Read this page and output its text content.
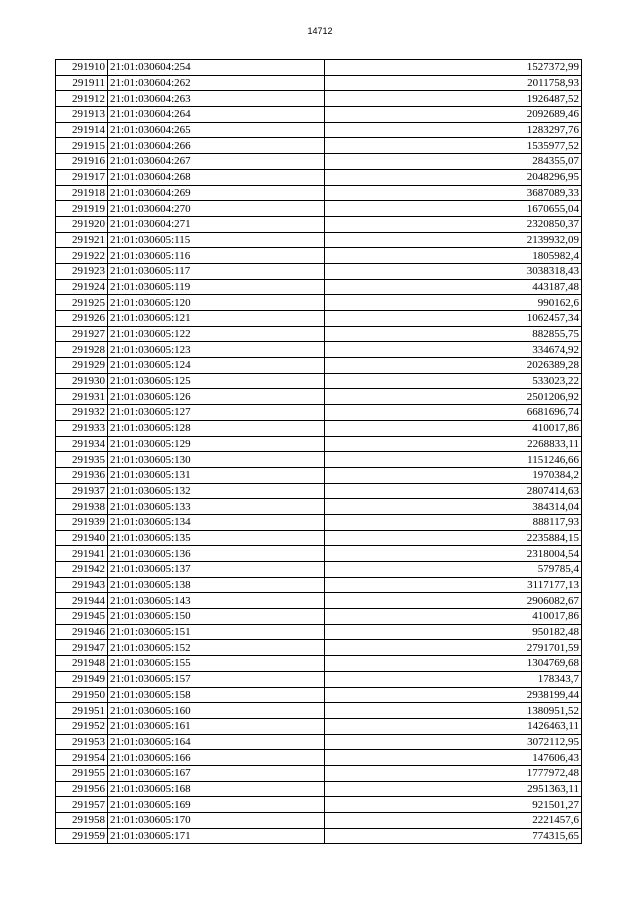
14712
291910	21:01:030604:254	1527372,99
291911	21:01:030604:262	2011758,93
291912	21:01:030604:263	1926487,52
291913	21:01:030604:264	2092689,46
291914	21:01:030604:265	1283297,76
291915	21:01:030604:266	1535977,52
291916	21:01:030604:267	284355,07
291917	21:01:030604:268	2048296,95
291918	21:01:030604:269	3687089,33
291919	21:01:030604:270	1670655,04
291920	21:01:030604:271	2320850,37
291921	21:01:030605:115	2139932,09
291922	21:01:030605:116	1805982,4
291923	21:01:030605:117	3038318,43
291924	21:01:030605:119	443187,48
291925	21:01:030605:120	990162,6
291926	21:01:030605:121	1062457,34
291927	21:01:030605:122	882855,75
291928	21:01:030605:123	334674,92
291929	21:01:030605:124	2026389,28
291930	21:01:030605:125	533023,22
291931	21:01:030605:126	2501206,92
291932	21:01:030605:127	6681696,74
291933	21:01:030605:128	410017,86
291934	21:01:030605:129	2268833,11
291935	21:01:030605:130	1151246,66
291936	21:01:030605:131	1970384,2
291937	21:01:030605:132	2807414,63
291938	21:01:030605:133	384314,04
291939	21:01:030605:134	888117,93
291940	21:01:030605:135	2235884,15
291941	21:01:030605:136	2318004,54
291942	21:01:030605:137	579785,4
291943	21:01:030605:138	3117177,13
291944	21:01:030605:143	2906082,67
291945	21:01:030605:150	410017,86
291946	21:01:030605:151	950182,48
291947	21:01:030605:152	2791701,59
291948	21:01:030605:155	1304769,68
291949	21:01:030605:157	178343,7
291950	21:01:030605:158	2938199,44
291951	21:01:030605:160	1380951,52
291952	21:01:030605:161	1426463,11
291953	21:01:030605:164	3072112,95
291954	21:01:030605:166	147606,43
291955	21:01:030605:167	1777972,48
291956	21:01:030605:168	2951363,11
291957	21:01:030605:169	921501,27
291958	21:01:030605:170	2221457,6
291959	21:01:030605:171	774315,65
